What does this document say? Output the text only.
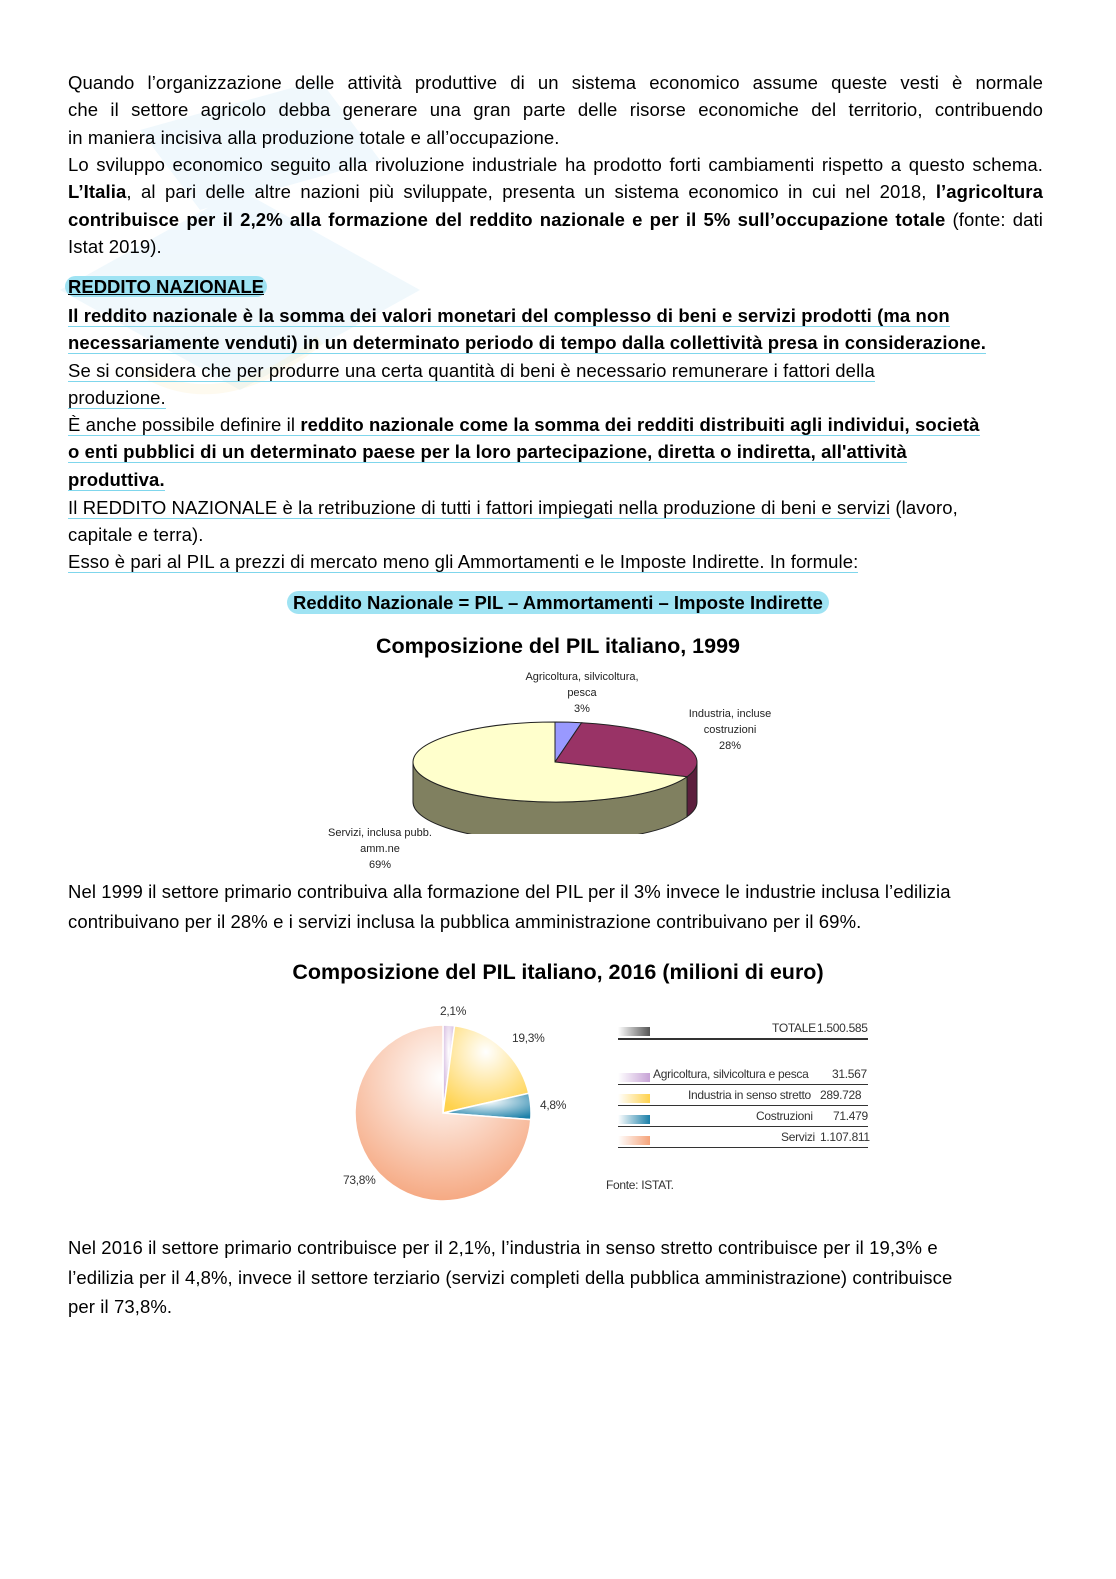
Quando l’organizzazione delle attività produttive di un sistema economico assume queste vesti è normale
che il settore agricolo debba generare una gran parte delle risorse economiche del territorio, contribuendo
in maniera incisiva alla produzione totale e all’occupazione.
Lo sviluppo economico seguito alla rivoluzione industriale ha prodotto forti cambiamenti rispetto a questo schema. L’Italia, al pari delle altre nazioni più sviluppate, presenta un sistema economico in cui nel 2018, l’agricoltura contribuisce per il 2,2% alla formazione del reddito nazionale e per il 5% sull’occupazione totale (fonte: dati Istat 2019).
REDDITO NAZIONALE
Il reddito nazionale è la somma dei valori monetari del complesso di beni e servizi prodotti (ma non
necessariamente venduti) in un determinato periodo di tempo dalla collettività presa in considerazione.
Se si considera che per produrre una certa quantità di beni è necessario remunerare i fattori della
produzione.
È anche possibile definire il reddito nazionale come la somma dei redditi distribuiti agli individui, società
o enti pubblici di un determinato paese per la loro partecipazione, diretta o indiretta, all'attività
produttiva.
Il REDDITO NAZIONALE è la retribuzione di tutti i fattori impiegati nella produzione di beni e servizi (lavoro,
capitale e terra).
Esso è pari al PIL a prezzi di mercato meno gli Ammortamenti e le Imposte Indirette. In formule:
Reddito Nazionale = PIL – Ammortamenti – Imposte Indirette
Composizione del PIL italiano, 1999
Agricoltura, silvicoltura,
pesca
3%	Industria, incluse
costruzioni
28%
Servizi, inclusa pubb.
amm.ne
69%
Nel 1999 il settore primario contribuiva alla formazione del PIL per il 3% invece le industrie inclusa l’edilizia
contribuivano per il 28% e i servizi inclusa la pubblica amministrazione contribuivano per il 69%.
Composizione del PIL italiano, 2016 (milioni di euro)
2,1%
19,3%
4,8%
73,8%
TOTALE 1.500.585
Agricoltura, silvicoltura e pesca 31.567
Industria in senso stretto 289.728
Costruzioni 71.479
Servizi 1.107.811
Fonte: ISTAT.
Nel 2016 il settore primario contribuisce per il 2,1%, l’industria in senso stretto contribuisce per il 19,3% e
l’edilizia per il 4,8%, invece il settore terziario (servizi completi della pubblica amministrazione) contribuisce
per il 73,8%.
